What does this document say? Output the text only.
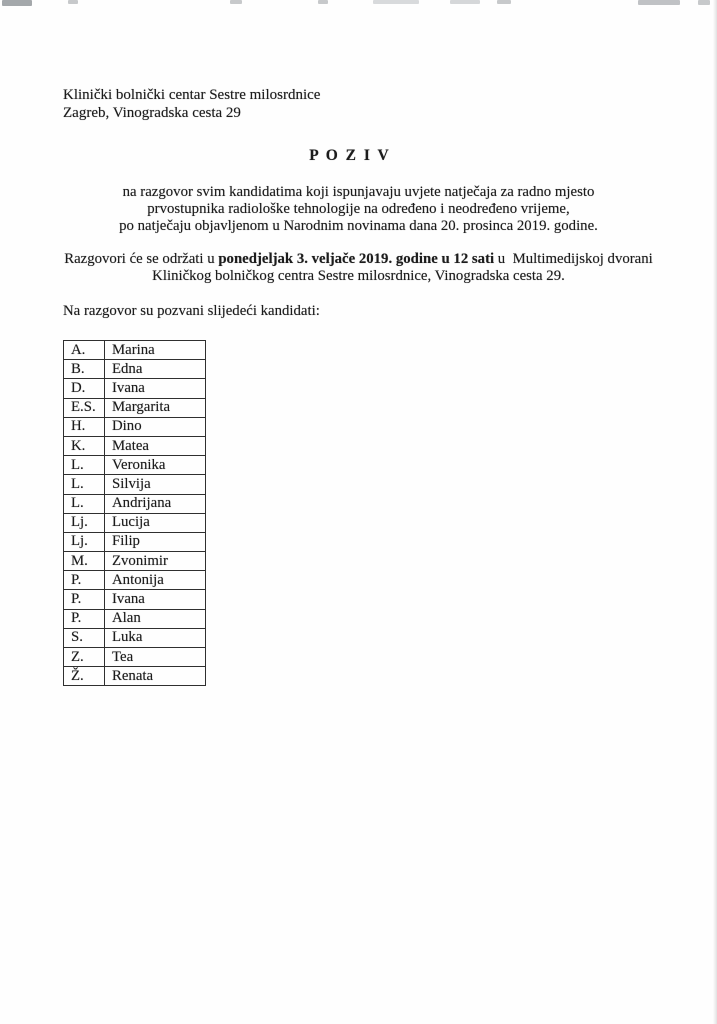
Klinički bolnički centar Sestre milosrdnice
Zagreb, Vinogradska cesta 29
P O Z I V

na razgovor svim kandidatima koji ispunjavaju uvjete natječaja za radno mjesto
prvostupnika radiološke tehnologije na određeno i neodređeno vrijeme,
po natječaju objavljenom u Narodnim novinama dana 20. prosinca 2019. godine.

Razgovori će se održati u ponedjeljak 3. veljače 2019. godine u 12 sati u  Multimedijskoj dvorani
Kliničkog bolničkog centra Sestre milosrdnice, Vinogradska cesta 29.

Na razgovor su pozvani slijedeći kandidati:

A.	Marina
B.	Edna
D.	Ivana
E.S.	Margarita
H.	Dino
K.	Matea
L.	Veronika
L.	Silvija
L.	Andrijana
Lj.	Lucija
Lj.	Filip
M.	Zvonimir
P.	Antonija
P.	Ivana
P.	Alan
S.	Luka
Z.	Tea
Ž.	Renata
